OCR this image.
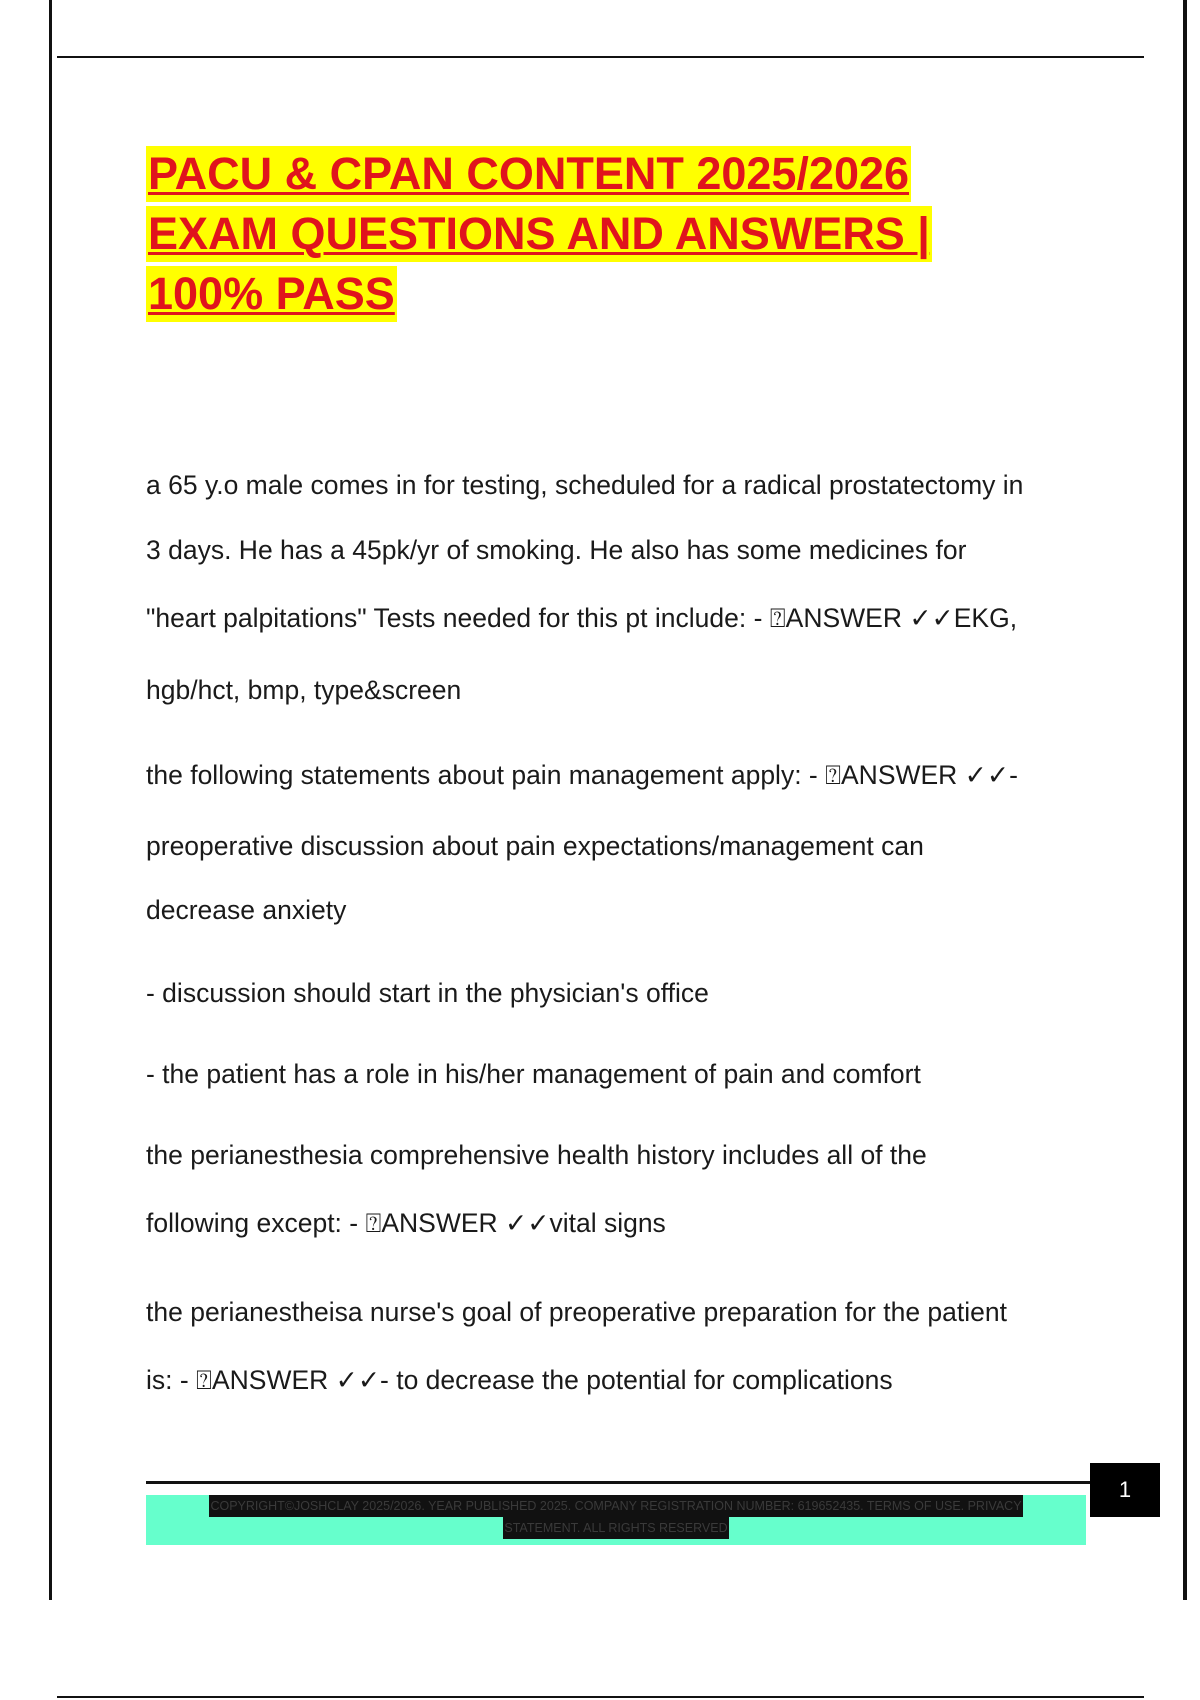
PACU & CPAN CONTENT 2025/2026
EXAM QUESTIONS AND ANSWERS |
100% PASS
a 65 y.o male comes in for testing, scheduled for a radical prostatectomy in
3 days. He has a 45pk/yr of smoking. He also has some medicines for
"heart palpitations" Tests needed for this pt include: - ⍰ANSWER ✓✓EKG,
hgb/hct, bmp, type&screen
the following statements about pain management apply: - ⍰ANSWER ✓✓-
preoperative discussion about pain expectations/management can
decrease anxiety
- discussion should start in the physician's office
- the patient has a role in his/her management of pain and comfort
the perianesthesia comprehensive health history includes all of the
following except: - ⍰ANSWER ✓✓vital signs
the perianestheisa nurse's goal of preoperative preparation for the patient
is: - ⍰ANSWER ✓✓- to decrease the potential for complications
1
COPYRIGHT©JOSHCLAY 2025/2026. YEAR PUBLISHED 2025. COMPANY REGISTRATION NUMBER: 619652435. TERMS OF USE. PRIVACY
STATEMENT. ALL RIGHTS RESERVED
